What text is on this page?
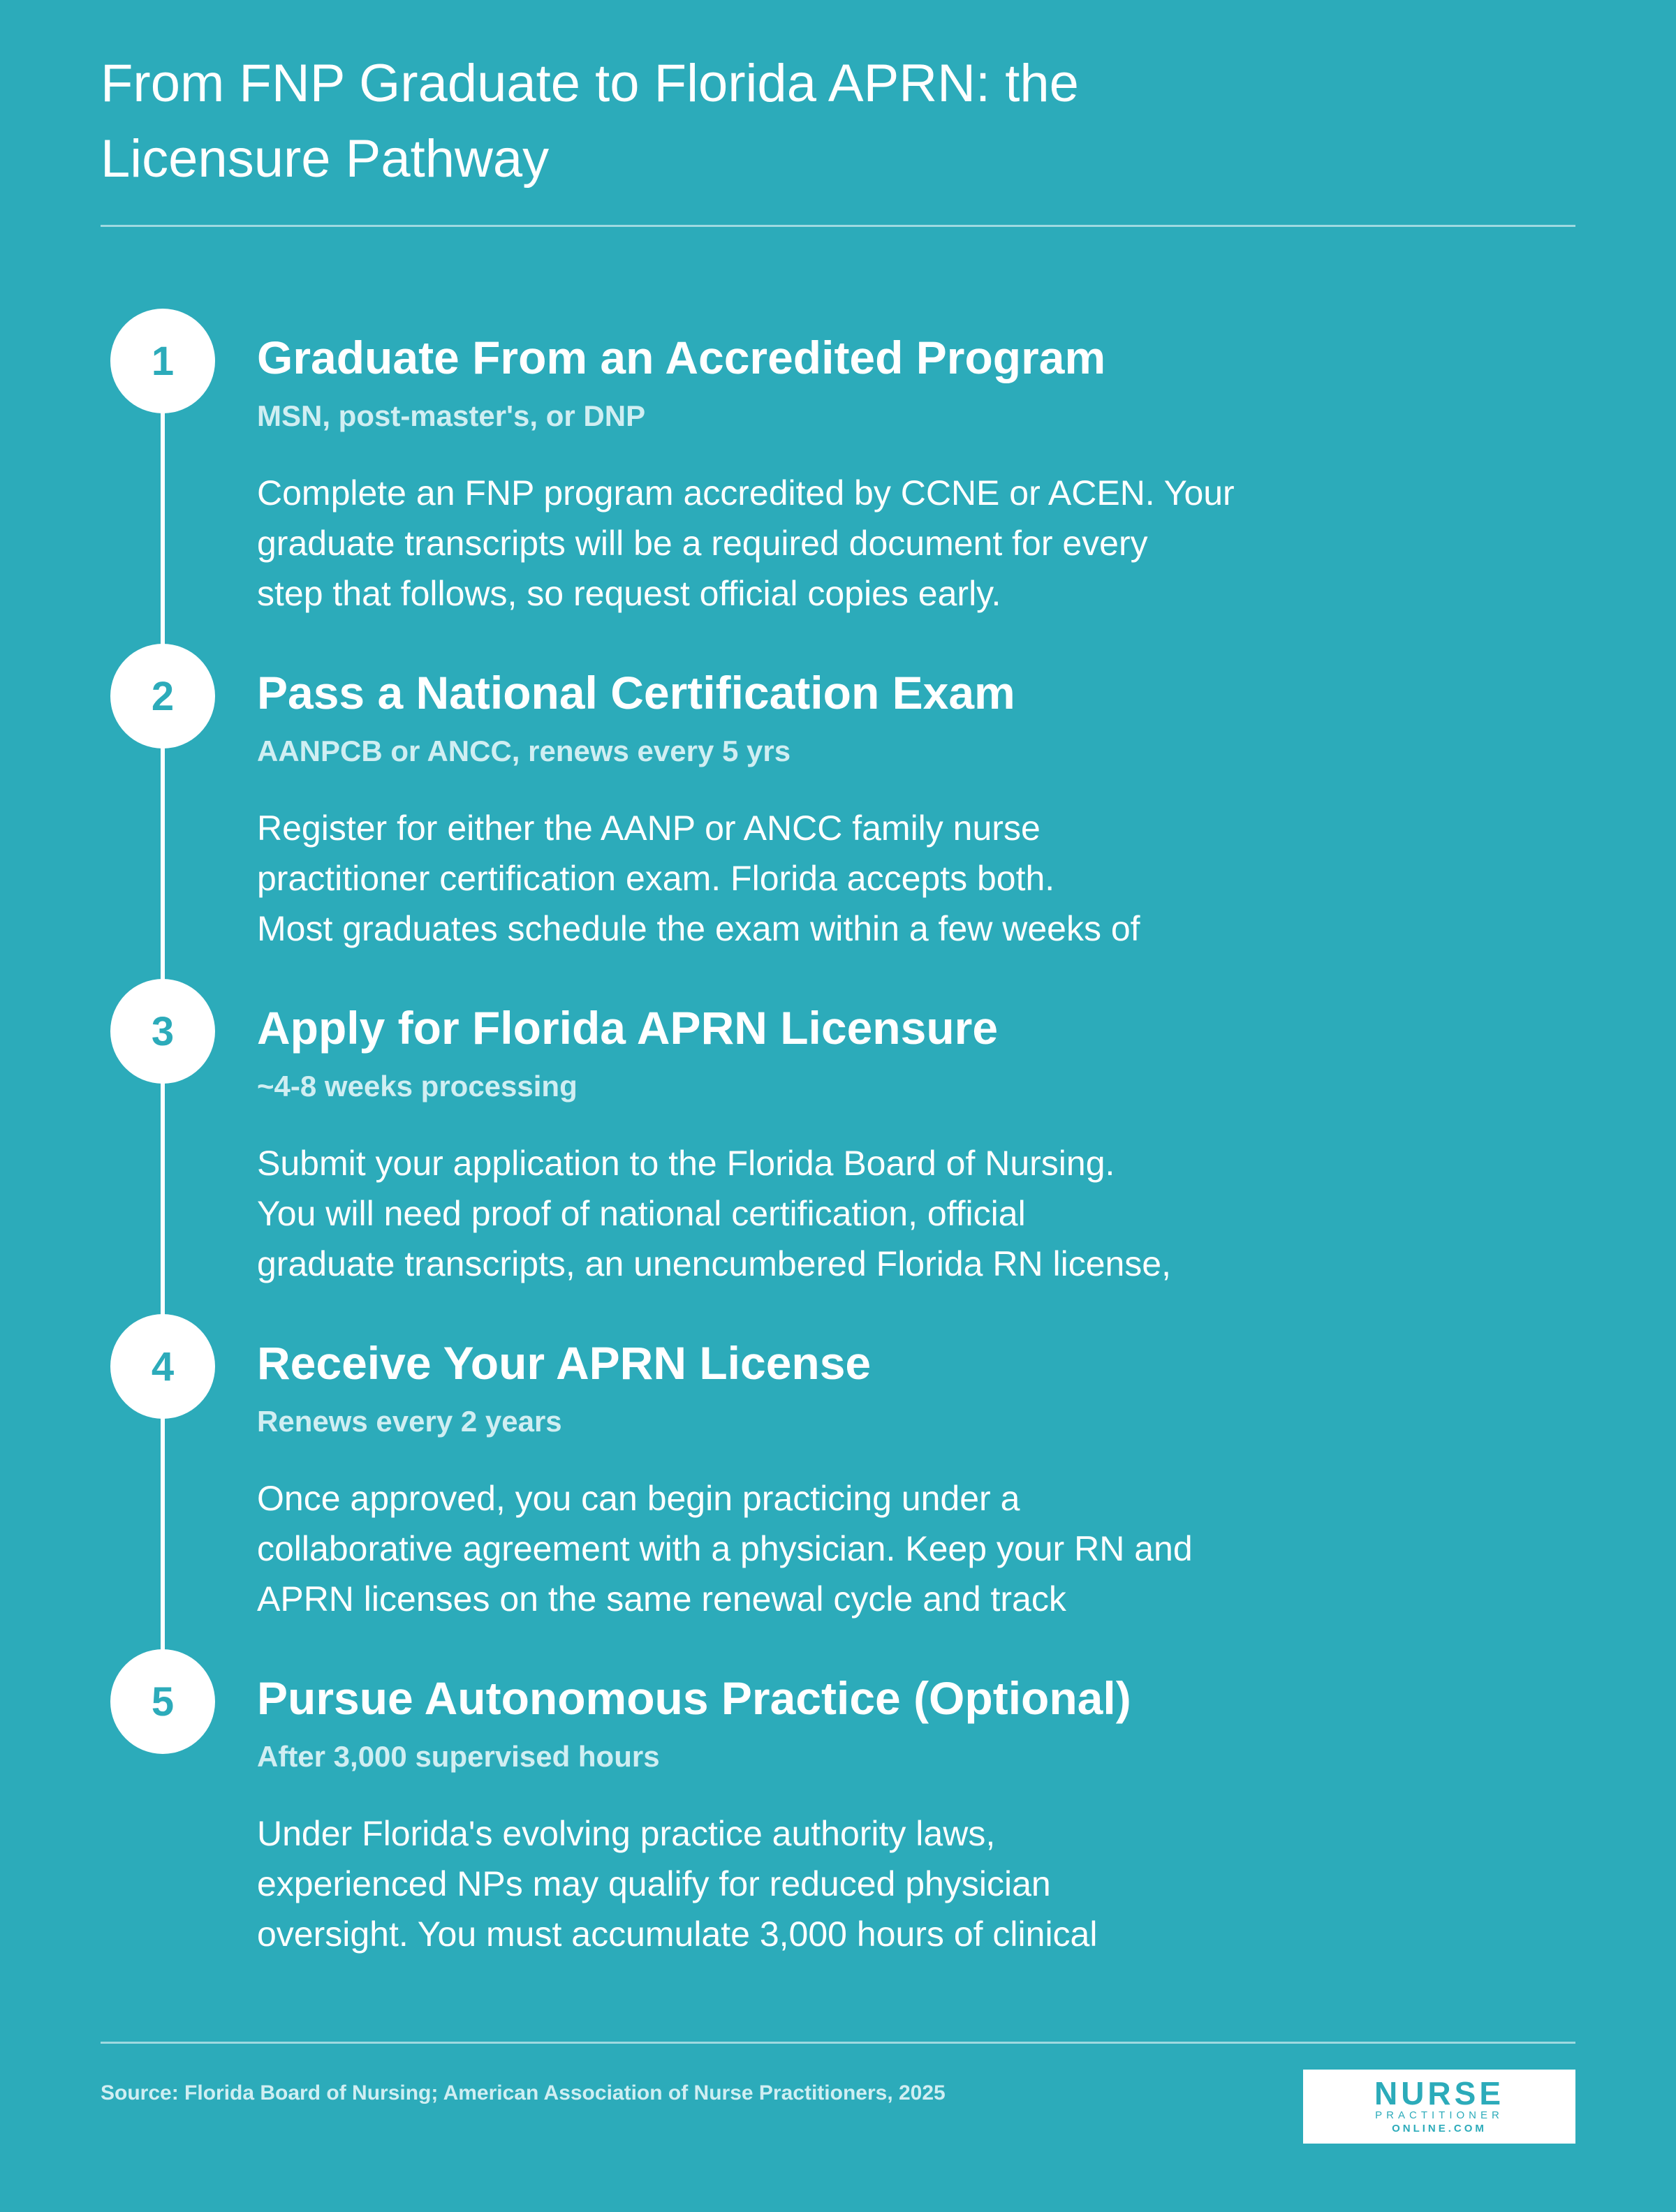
From FNP Graduate to Florida APRN: the
Licensure Pathway
1	Graduate From an Accredited Program
MSN, post-master's, or DNP

Complete an FNP program accredited by CCNE or ACEN. Your
graduate transcripts will be a required document for every
step that follows, so request official copies early.

2	Pass a National Certification Exam
AANPCB or ANCC, renews every 5 yrs

Register for either the AANP or ANCC family nurse
practitioner certification exam. Florida accepts both.
Most graduates schedule the exam within a few weeks of

3	Apply for Florida APRN Licensure
~4-8 weeks processing

Submit your application to the Florida Board of Nursing.
You will need proof of national certification, official
graduate transcripts, an unencumbered Florida RN license,

4	Receive Your APRN License
Renews every 2 years

Once approved, you can begin practicing under a
collaborative agreement with a physician. Keep your RN and
APRN licenses on the same renewal cycle and track

5	Pursue Autonomous Practice (Optional)
After 3,000 supervised hours

Under Florida's evolving practice authority laws,
experienced NPs may qualify for reduced physician
oversight. You must accumulate 3,000 hours of clinical

Source: Florida Board of Nursing; American Association of Nurse Practitioners, 2025	NURSE
PRACTITIONER
ONLINE.COM
